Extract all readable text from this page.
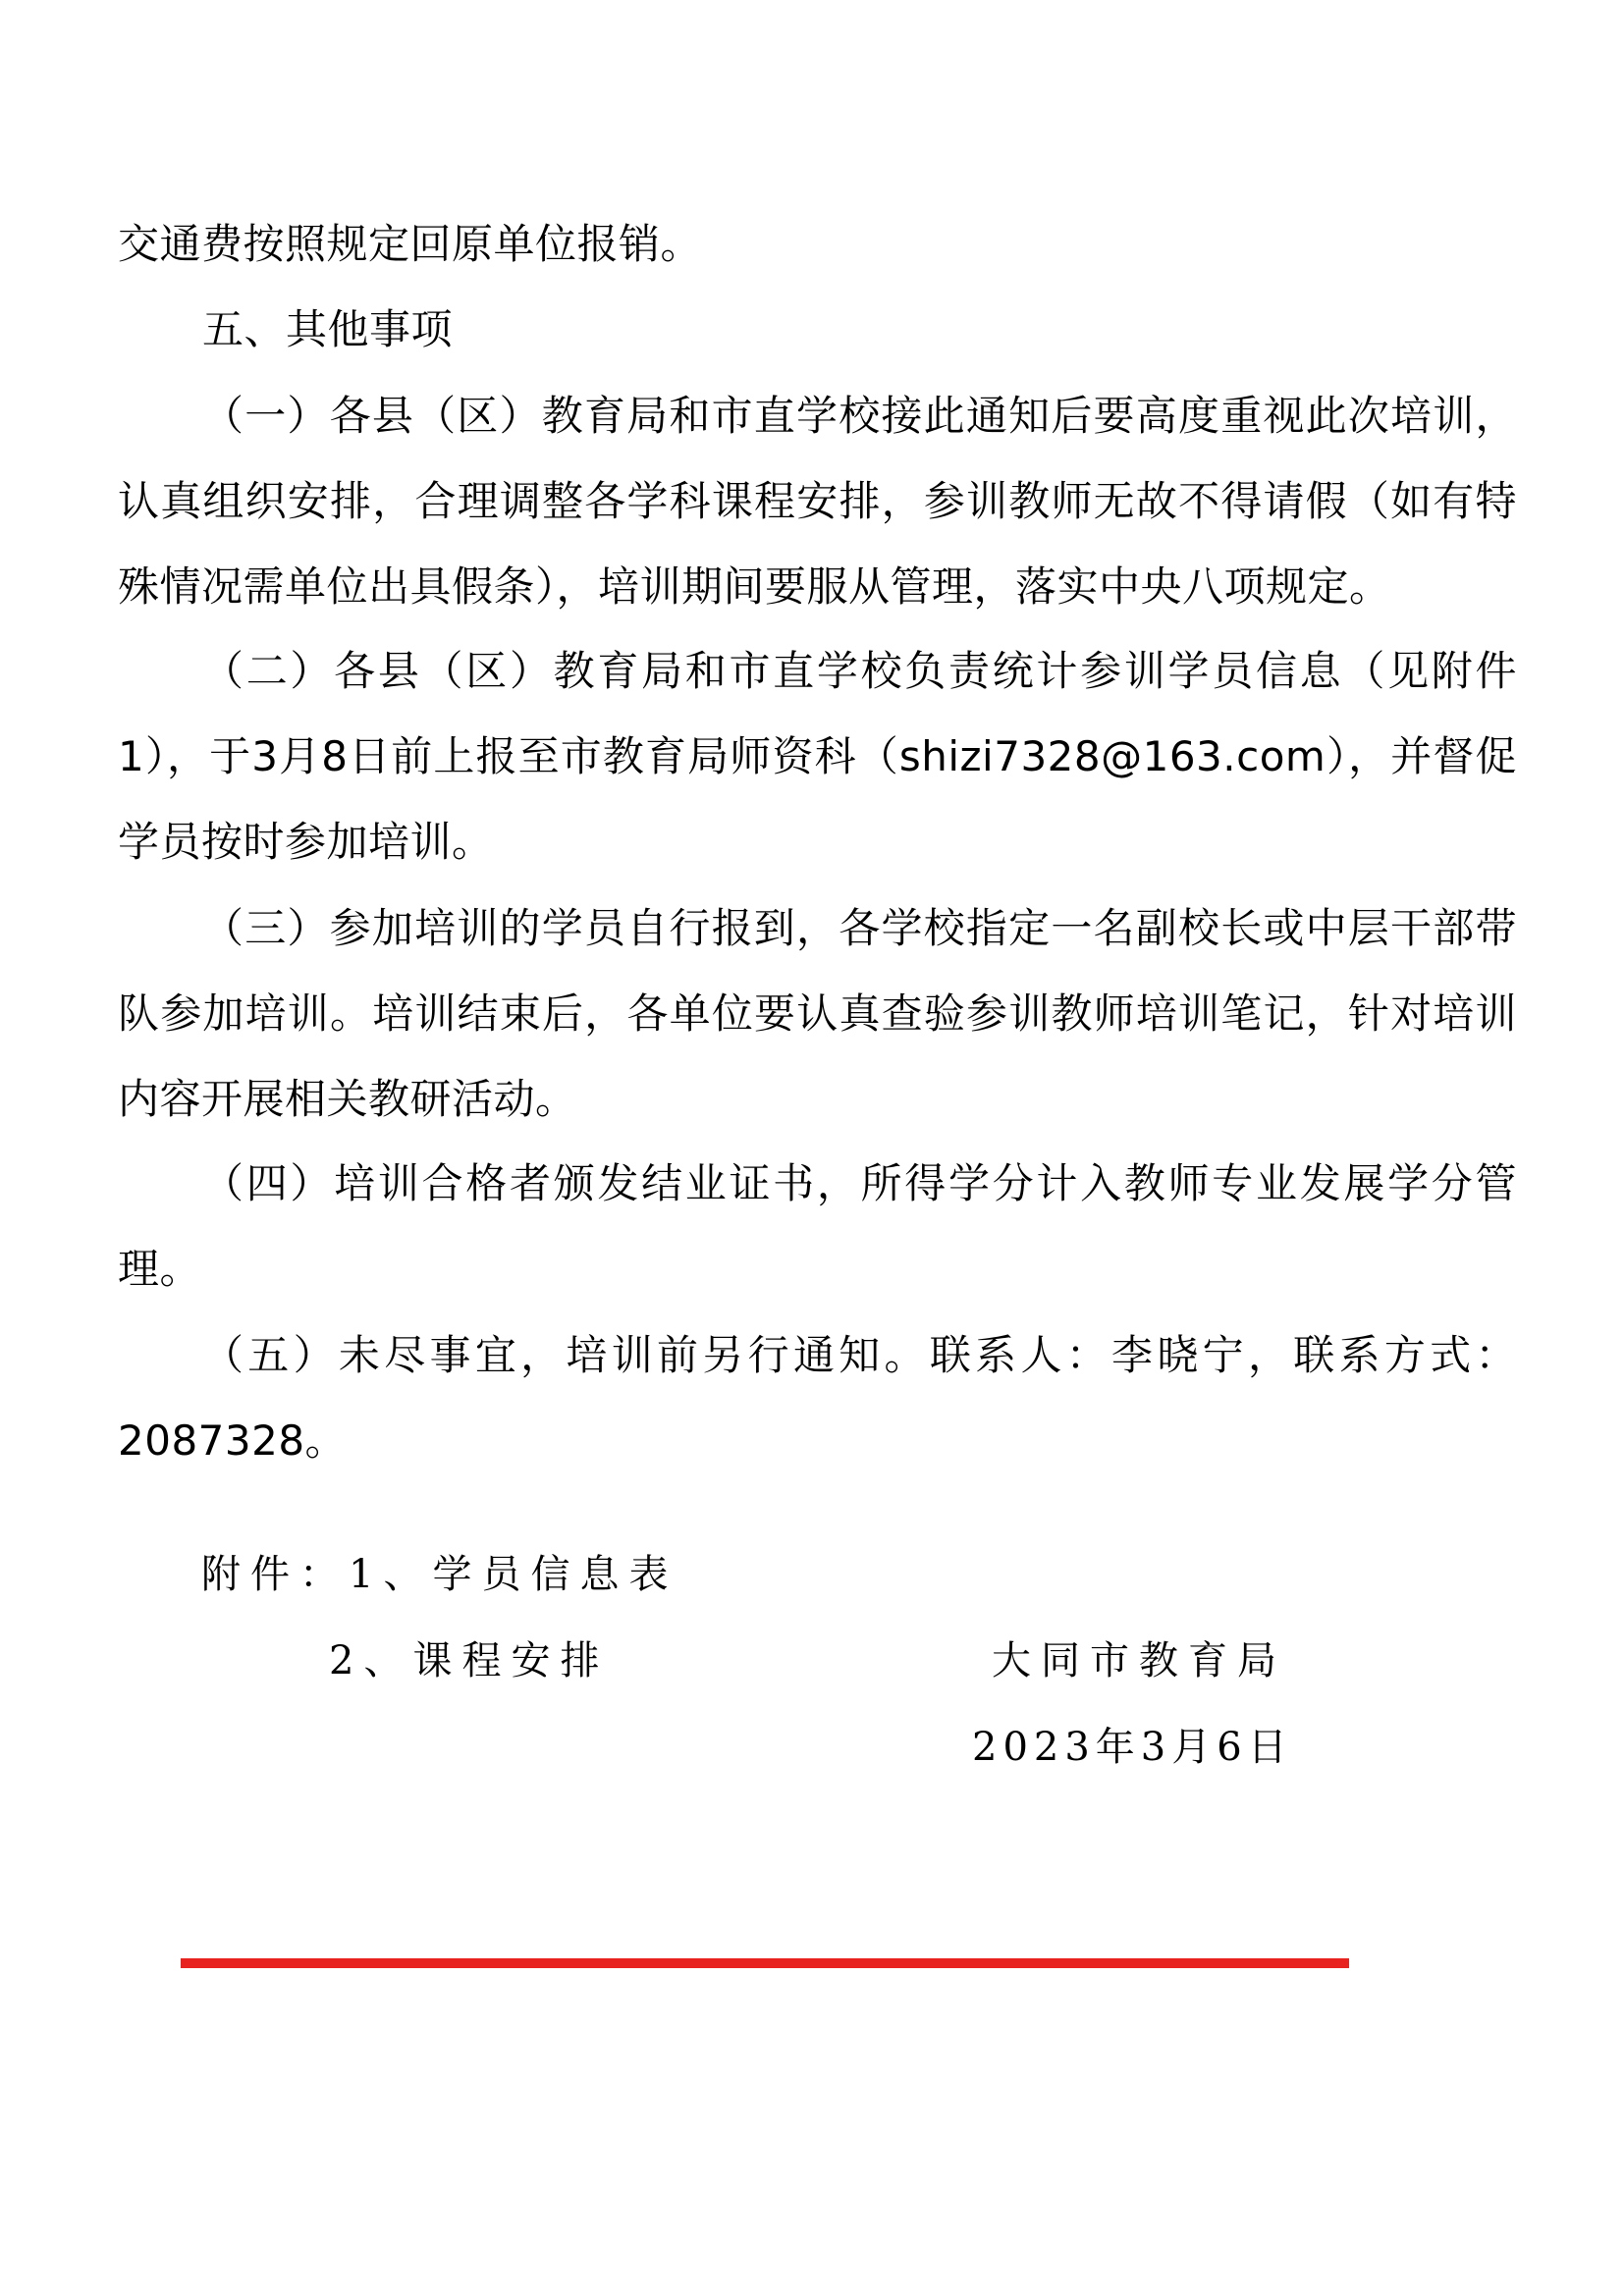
交通费按照规定回原单位报销。

五、其他事项

（一）各县（区）教育局和市直学校接此通知后要高度重视此次培训，认真组织安排，合理调整各学科课程安排，参训教师无故不得请假（如有特殊情况需单位出具假条），培训期间要服从管理，落实中央八项规定。

（二）各县（区）教育局和市直学校负责统计参训学员信息（见附件1），于3月8日前上报至市教育局师资科（shizi7328@163.com），并督促学员按时参加培训。

（三）参加培训的学员自行报到，各学校指定一名副校长或中层干部带队参加培训。培训结束后，各单位要认真查验参训教师培训笔记，针对培训内容开展相关教研活动。

（四）培训合格者颁发结业证书，所得学分计入教师专业发展学分管理。

（五）未尽事宜，培训前另行通知。联系人：李晓宁，联系方式：2087328。

附件：1、学员信息表

2、课程安排	大同市教育局

2023年3月6日
